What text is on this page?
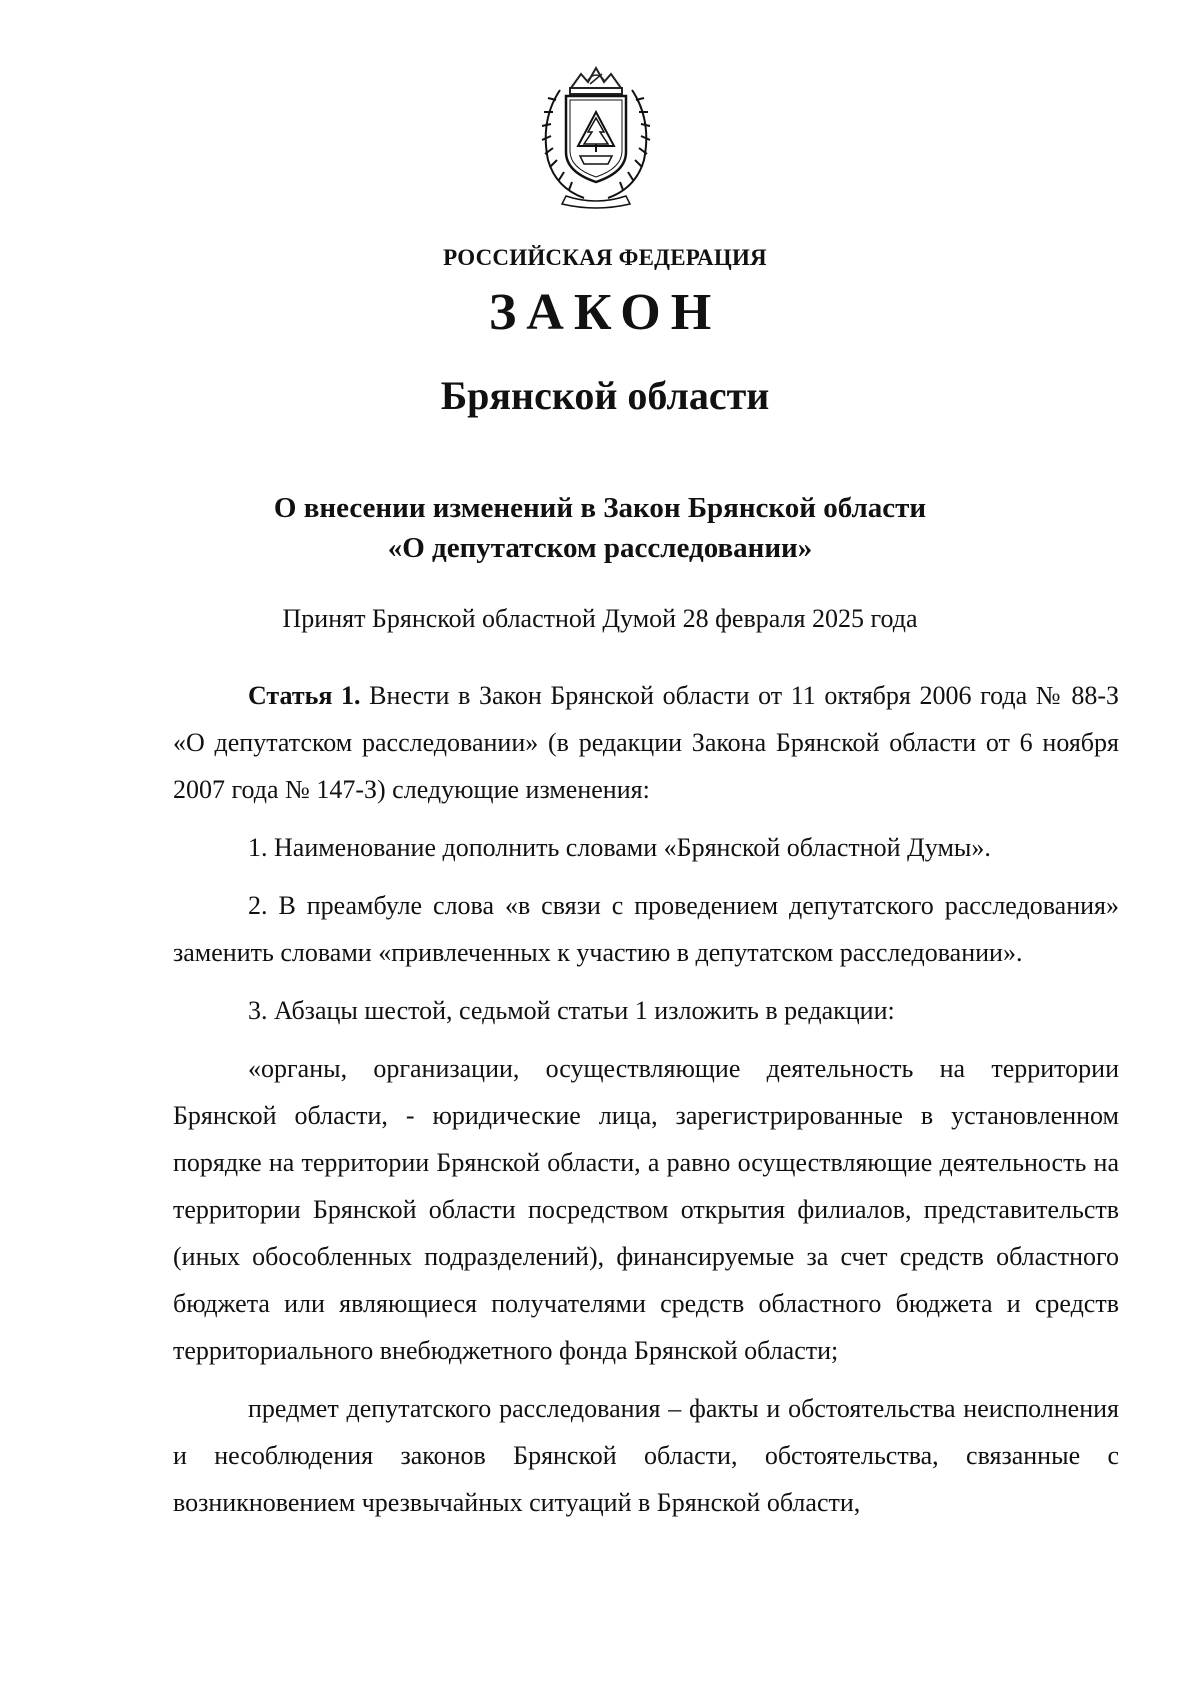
РОССИЙСКАЯ ФЕДЕРАЦИЯ
ЗАКОН
Брянской области
О внесении изменений в Закон Брянской области
«О депутатском расследовании»
Принят Брянской областной Думой 28 февраля 2025 года

Статья 1. Внести в Закон Брянской области от 11 октября 2006 года № 88-З «О депутатском расследовании» (в редакции Закона Брянской области от 6 ноября 2007 года № 147-З) следующие изменения:

1. Наименование дополнить словами «Брянской областной Думы».

2. В преамбуле слова «в связи с проведением депутатского расследования» заменить словами «привлеченных к участию в депутатском расследовании».

3. Абзацы шестой, седьмой статьи 1 изложить в редакции:

«органы, организации, осуществляющие деятельность на территории Брянской области, - юридические лица, зарегистрированные в установленном порядке на территории Брянской области, а равно осуществляющие деятельность на территории Брянской области посредством открытия филиалов, представительств (иных обособленных подразделений), финансируемые за счет средств областного бюджета или являющиеся получателями средств областного бюджета и средств территориального внебюджетного фонда Брянской области;

предмет депутатского расследования – факты и обстоятельства неисполнения и несоблюдения законов Брянской области, обстоятельства, связанные с возникновением чрезвычайных ситуаций в Брянской области,
